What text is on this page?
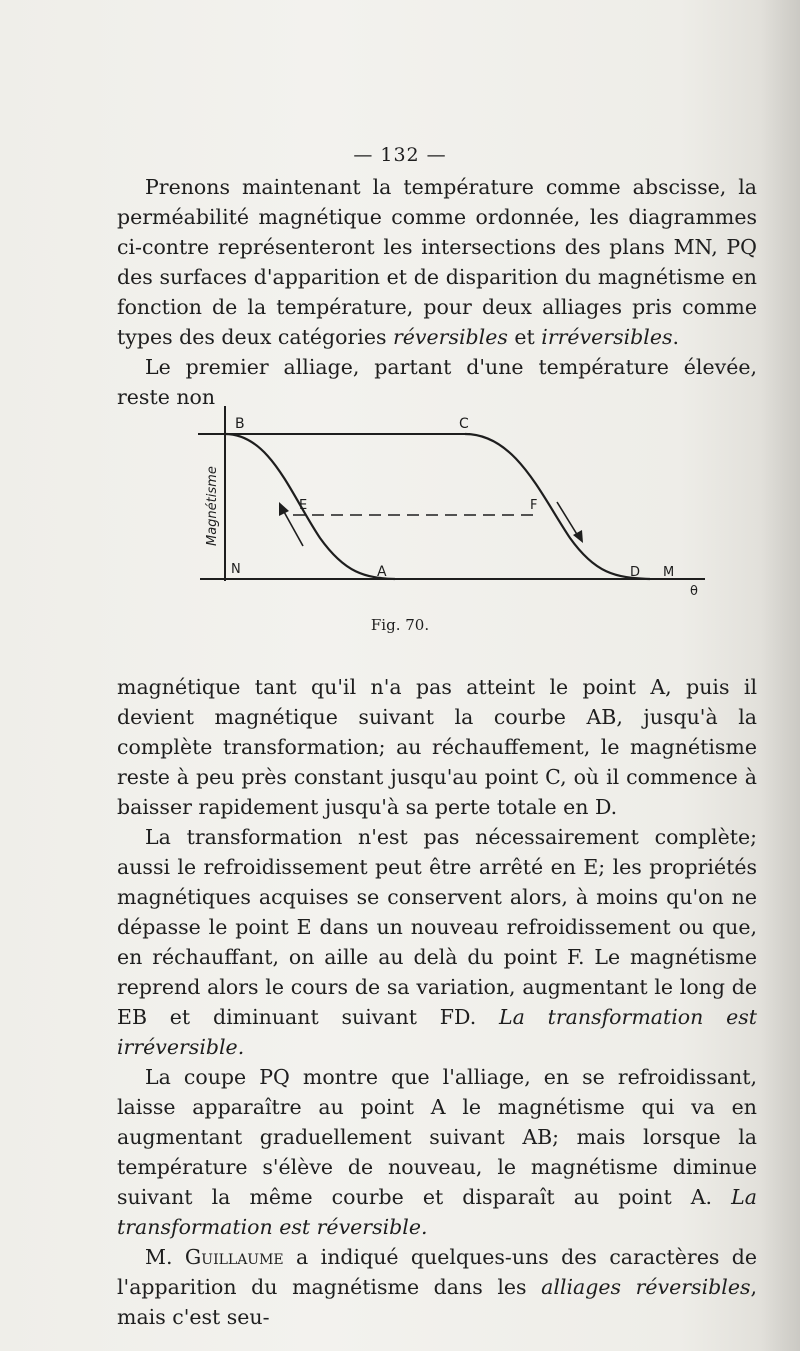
— 132 —

Prenons maintenant la température comme abscisse, la perméabilité magnétique comme ordonnée, les diagrammes ci-contre représenteront les intersections des plans MN, PQ des surfaces d'apparition et de disparition du magnétisme en fonction de la température, pour deux alliages pris comme types des deux catégories réversibles et irréversibles.

Le premier alliage, partant d'une température élevée, reste non

B	C
E	F
N	A	D M
θ
Magnétisme
Fig. 70.

magnétique tant qu'il n'a pas atteint le point A, puis il devient magnétique suivant la courbe AB, jusqu'à la complète transformation; au réchauffement, le magnétisme reste à peu près constant jusqu'au point C, où il commence à baisser rapidement jusqu'à sa perte totale en D.

La transformation n'est pas nécessairement complète; aussi le refroidissement peut être arrêté en E; les propriétés magnétiques acquises se conservent alors, à moins qu'on ne dépasse le point E dans un nouveau refroidissement ou que, en réchauffant, on aille au delà du point F. Le magnétisme reprend alors le cours de sa variation, augmentant le long de EB et diminuant suivant FD. La transformation est irréversible.

La coupe PQ montre que l'alliage, en se refroidissant, laisse apparaître au point A le magnétisme qui va en augmentant graduellement suivant AB; mais lorsque la température s'élève de nouveau, le magnétisme diminue suivant la même courbe et disparaît au point A. La transformation est réversible.

M. Guillaume a indiqué quelques-uns des caractères de l'apparition du magnétisme dans les alliages réversibles, mais c'est seu-
